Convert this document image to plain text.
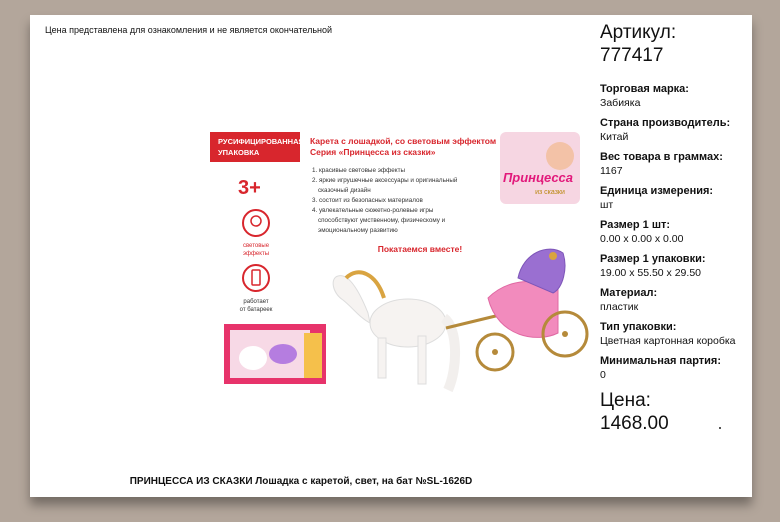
Цена представлена для ознакомления и не является окончательной
РУСИФИЦИРОВАННАЯ
УПАКОВКА
3+
световые
эффекты
работает
от батареек
Карета с лошадкой, со световым эффектом
Серия «Принцесса из сказки»
1. красивые световые эффекты
2. яркие игрушечные аксессуары и оригинальный
сказочный дизайн
3. состоит из безопасных материалов
4. увлекательные сюжетно-ролевые игры
способствуют умственному, физическому и
эмоциональному развитию
Покатаемся вместе!
Принцесса
из сказки
ПРИНЦЕССА ИЗ СКАЗКИ Лошадка с каретой, свет, на бат №SL-1626D
Артикул:
777417
Торговая марка:
Забияка
Страна производитель:
Китай
Вес товара в граммах:
1167
Единица измерения:
шт
Размер 1 шт:
0.00 x 0.00 x 0.00
Размер 1 упаковки:
19.00 x 55.50 x 29.50
Материал:
пластик
Тип упаковки:
Цветная картонная коробка
Минимальная партия:
0
Цена:
1468.00
